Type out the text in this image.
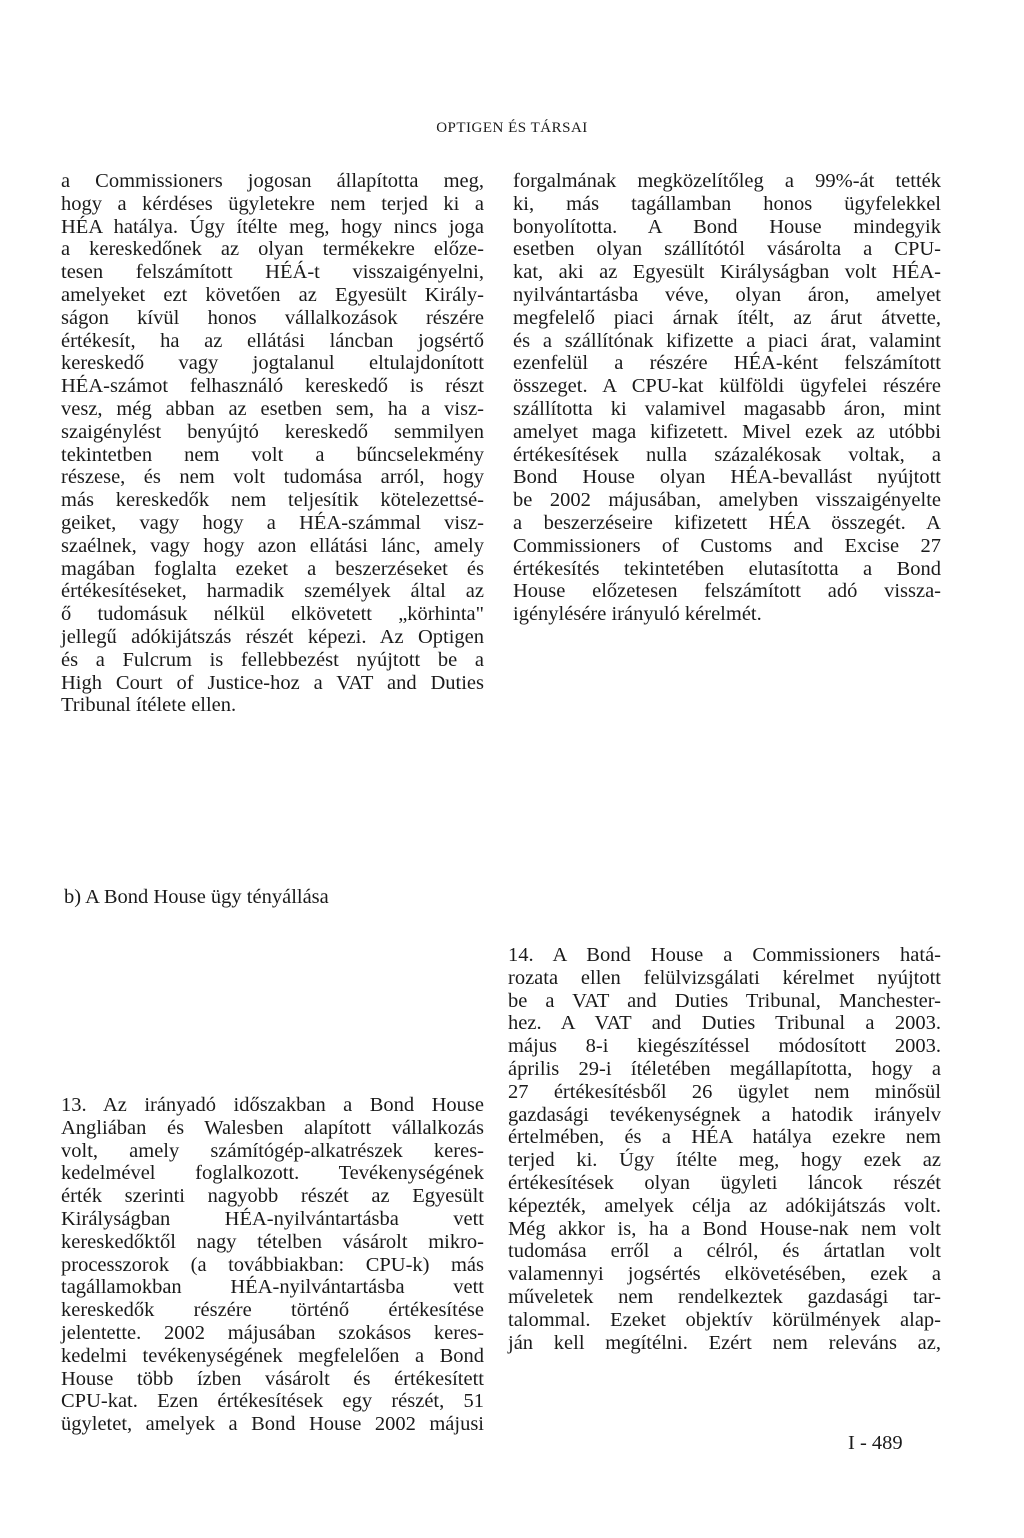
OPTIGEN ÉS TÁRSAI

a Commissioners jogosan állapította meg,
hogy a kérdéses ügyletekre nem terjed ki a
HÉA hatálya. Úgy ítélte meg, hogy nincs joga
a kereskedőnek az olyan termékekre előze-
tesen felszámított HÉÁ-t visszaigényelni,
amelyeket ezt követően az Egyesült Király-
ságon kívül honos vállalkozások részére
értékesít, ha az ellátási láncban jogsértő
kereskedő vagy jogtalanul eltulajdonított
HÉA-számot felhasználó kereskedő is részt
vesz, még abban az esetben sem, ha a visz-
szaigénylést benyújtó kereskedő semmilyen
tekintetben nem volt a bűncselekmény
részese, és nem volt tudomása arról, hogy
más kereskedők nem teljesítik kötelezettsé-
geiket, vagy hogy a HÉA-számmal visz-
szaélnek, vagy hogy azon ellátási lánc, amely
magában foglalta ezeket a beszerzéseket és
értékesítéseket, harmadik személyek által az
ő tudomásuk nélkül elkövetett „körhinta"
jellegű adókijátszás részét képezi. Az Optigen
és a Fulcrum is fellebbezést nyújtott be a
High Court of Justice-hoz a VAT and Duties
Tribunal ítélete ellen.

forgalmának megközelítőleg a 99%-át tették
ki, más tagállamban honos ügyfelekkel
bonyolította. A Bond House mindegyik
esetben olyan szállítótól vásárolta a CPU-
kat, aki az Egyesült Királyságban volt HÉA-
nyilvántartásba véve, olyan áron, amelyet
megfelelő piaci árnak ítélt, az árut átvette,
és a szállítónak kifizette a piaci árat, valamint
ezenfelül a részére HÉA-ként felszámított
összeget. A CPU-kat külföldi ügyfelei részére
szállította ki valamivel magasabb áron, mint
amelyet maga kifizetett. Mivel ezek az utóbbi
értékesítések nulla százalékosak voltak, a
Bond House olyan HÉA-bevallást nyújtott
be 2002 májusában, amelyben visszaigényelte
a beszerzéseire kifizetett HÉA összegét. A
Commissioners of Customs and Excise 27
értékesítés tekintetében elutasította a Bond
House előzetesen felszámított adó vissza-
igénylésére irányuló kérelmét.

b) A Bond House ügy tényállása

13. Az irányadó időszakban a Bond House
Angliában és Walesben alapított vállalkozás
volt, amely számítógép-alkatrészek keres-
kedelmével foglalkozott. Tevékenységének
érték szerinti nagyobb részét az Egyesült
Királyságban HÉA-nyilvántartásba vett
kereskedőktől nagy tételben vásárolt mikro-
processzorok (a továbbiakban: CPU-k) más
tagállamokban HÉA-nyilvántartásba vett
kereskedők részére történő értékesítése
jelentette. 2002 májusában szokásos keres-
kedelmi tevékenységének megfelelően a Bond
House több ízben vásárolt és értékesített
CPU-kat. Ezen értékesítések egy részét, 51
ügyletet, amelyek a Bond House 2002 májusi

14. A Bond House a Commissioners hatá-
rozata ellen felülvizsgálati kérelmet nyújtott
be a VAT and Duties Tribunal, Manchester-
hez. A VAT and Duties Tribunal a 2003.
május 8-i kiegészítéssel módosított 2003.
április 29-i ítéletében megállapította, hogy a
27 értékesítésből 26 ügylet nem minősül
gazdasági tevékenységnek a hatodik irányelv
értelmében, és a HÉA hatálya ezekre nem
terjed ki. Úgy ítélte meg, hogy ezek az
értékesítések olyan ügyleti láncok részét
képezték, amelyek célja az adókijátszás volt.
Még akkor is, ha a Bond House-nak nem volt
tudomása erről a célról, és ártatlan volt
valamennyi jogsértés elkövetésében, ezek a
műveletek nem rendelkeztek gazdasági tar-
talommal. Ezeket objektív körülmények alap-
ján kell megítélni. Ezért nem releváns az,

I - 489
